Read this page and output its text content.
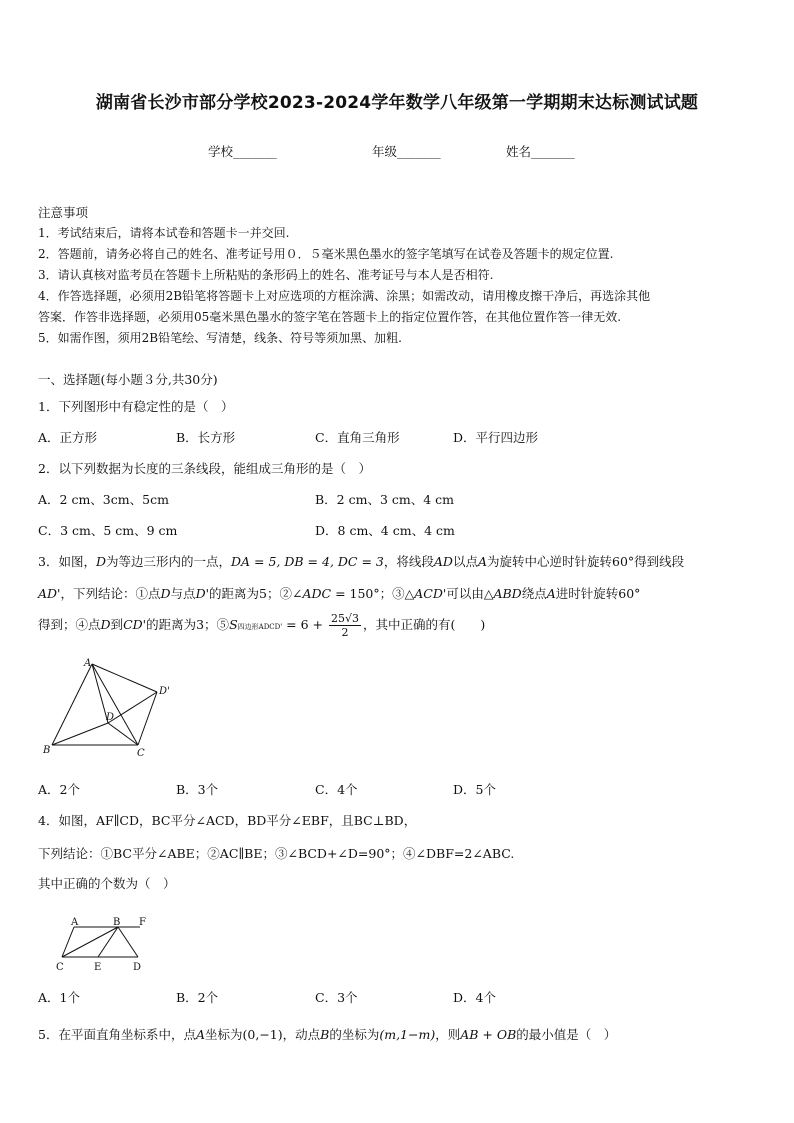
湖南省长沙市部分学校2023-2024学年数学八年级第一学期期末达标测试试题
学校_______	年级_______	姓名_______
注意事项
1．考试结束后，请将本试卷和答题卡一并交回.
2．答题前，请务必将自己的姓名、准考证号用０．５毫米黑色墨水的签字笔填写在试卷及答题卡的规定位置.
3．请认真核对监考员在答题卡上所粘贴的条形码上的姓名、准考证号与本人是否相符.
4．作答选择题，必须用2B铅笔将答题卡上对应选项的方框涂满、涂黑；如需改动，请用橡皮擦干净后，再选涂其他
答案．作答非选择题，必须用05毫米黑色墨水的签字笔在答题卡上的指定位置作答，在其他位置作答一律无效.
5．如需作图，须用2B铅笔绘、写清楚，线条、符号等须加黑、加粗.
一、选择题(每小题３分,共30分)
1．下列图形中有稳定性的是（　）
A．正方形	B．长方形	C．直角三角形	D．平行四边形
2．以下列数据为长度的三条线段，能组成三角形的是（　）
A．2 cm、3cm、5cm	B．2 cm、3 cm、4 cm
C．3 cm、5 cm、9 cm	D．8 cm、4 cm、4 cm
3．如图，D为等边三形内的一点，DA = 5, DB = 4, DC = 3，将线段AD以点A为旋转中心逆时针旋转60°得到线段
AD'，下列结论：①点D与点D'的距离为5；②∠ADC = 150°；③△ACD'可以由△ABD绕点A进时针旋转60°
得到；④点D到CD'的距离为3；⑤S四边形ADCD' = $6 + \frac{25√3}{2}$ ，其中正确的有(　　)
A
B	C
D
D'
A．2个	B．3个	C．4个	D．5个
4．如图，AF∥CD，BC平分∠ACD，BD平分∠EBF，且BC⊥BD，
下列结论：①BC平分∠ABE；②AC∥BE；③∠BCD+∠D=90°；④∠DBF=2∠ABC.
其中正确的个数为（　）
A	B F
C	E	D
A．1个	B．2个	C．3个	D．4个
5．在平面直角坐标系中，点A坐标为(0,−1)，动点B的坐标为(m,1−m)，则AB + OB的最小值是（　）
